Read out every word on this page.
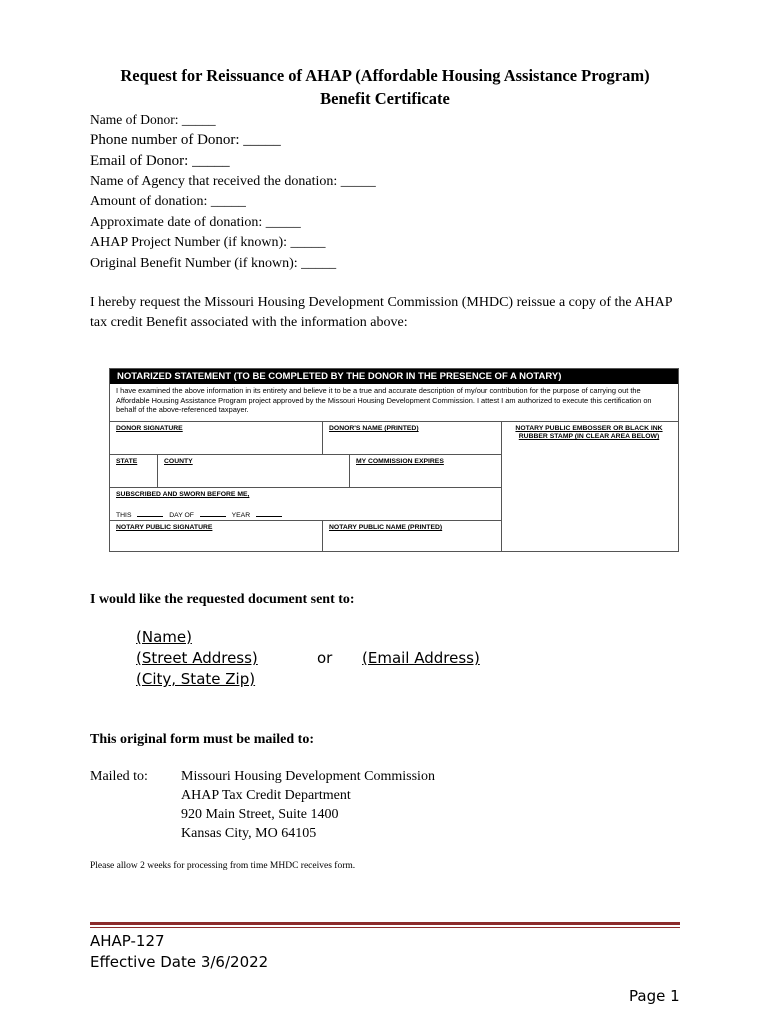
Request for Reissuance of AHAP (Affordable Housing Assistance Program)
Benefit Certificate
Name of Donor: _____
Phone number of Donor: _____
Email of Donor: _____
Name of Agency that received the donation: _____
Amount of donation: _____
Approximate date of donation: _____
AHAP Project Number (if known): _____
Original Benefit Number (if known): _____
I hereby request the Missouri Housing Development Commission (MHDC) reissue a copy of the AHAP tax credit Benefit associated with the information above:
NOTARIZED STATEMENT (TO BE COMPLETED BY THE DONOR IN THE PRESENCE OF A NOTARY)
I have examined the above information in its entirety and believe it to be a true and accurate description of my/our contribution for the purpose of carrying out the Affordable Housing Assistance Program project approved by the Missouri Housing Development Commission. I attest I am authorized to execute this certification on behalf of the above-referenced taxpayer.
DONOR SIGNATURE	DONOR'S NAME (PRINTED)	NOTARY PUBLIC EMBOSSER OR BLACK INK RUBBER STAMP (IN CLEAR AREA BELOW)
STATE	COUNTY	MY COMMISSION EXPIRES
SUBSCRIBED AND SWORN BEFORE ME,
THIS	DAY OF	YEAR
NOTARY PUBLIC SIGNATURE	NOTARY PUBLIC NAME (PRINTED)
I would like the requested document sent to:
(Name)
(Street Address)
(City, State Zip)
or (Email Address)
This original form must be mailed to:
Mailed to: Missouri Housing Development Commission
AHAP Tax Credit Department
920 Main Street, Suite 1400
Kansas City, MO 64105
Please allow 2 weeks for processing from time MHDC receives form.
AHAP-127
Effective Date 3/6/2022
Page 1
